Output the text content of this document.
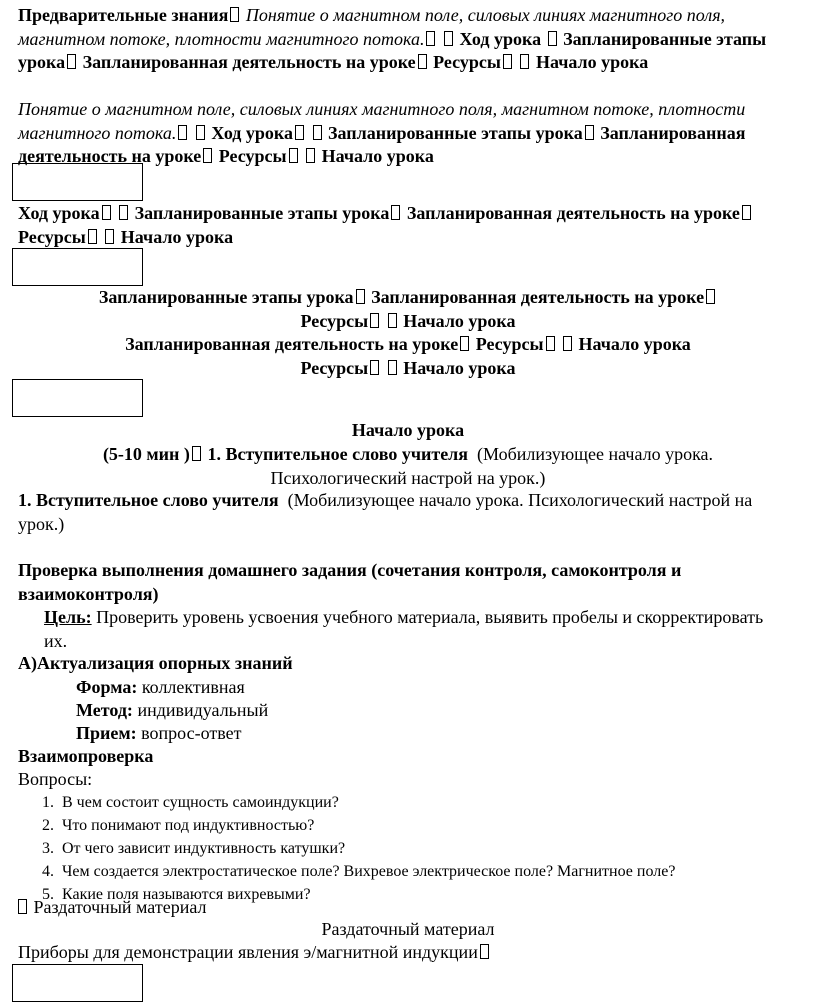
Предварительные знания Понятие о магнитном поле, силовых линиях магнитного поля, магнитном потоке, плотности магнитного потока. Ход урока Запланированные этапы урока Запланированная деятельность на уроке Ресурсы Начало урока
Понятие о магнитном поле, силовых линиях магнитного поля, магнитном потоке, плотности магнитного потока. Ход урока Запланированные этапы урока Запланированная деятельность на уроке Ресурсы Начало урока
Ход урока Запланированные этапы урока Запланированная деятельность на уроке Ресурсы Начало урока
Запланированные этапы урока Запланированная деятельность на уроке Ресурсы Начало урока
Запланированная деятельность на уроке Ресурсы Начало урока
Ресурсы Начало урока
Начало урока
(5-10 мин ) 1. Вступительное слово учителя (Мобилизующее начало урока. Психологический настрой на урок.)
1. Вступительное слово учителя (Мобилизующее начало урока. Психологический настрой на урок.)
Проверка выполнения домашнего задания (сочетания контроля, самоконтроля и взаимоконтроля)
Цель: Проверить уровень усвоения учебного материала, выявить пробелы и скорректировать их.
А)Актуализация опорных знаний
Форма: коллективная
Метод: индивидуальный
Прием: вопрос-ответ
Взаимопроверка
Вопросы:
1. В чем состоит сущность самоиндукции?
2. Что понимают под индуктивностью?
3. От чего зависит индуктивность катушки?
4. Чем создается электростатическое поле? Вихревое электрическое поле? Магнитное поле?
5. Какие поля называются вихревыми?
Раздаточный материал
Раздаточный материал
Приборы для демонстрации явления э/магнитной индукции
